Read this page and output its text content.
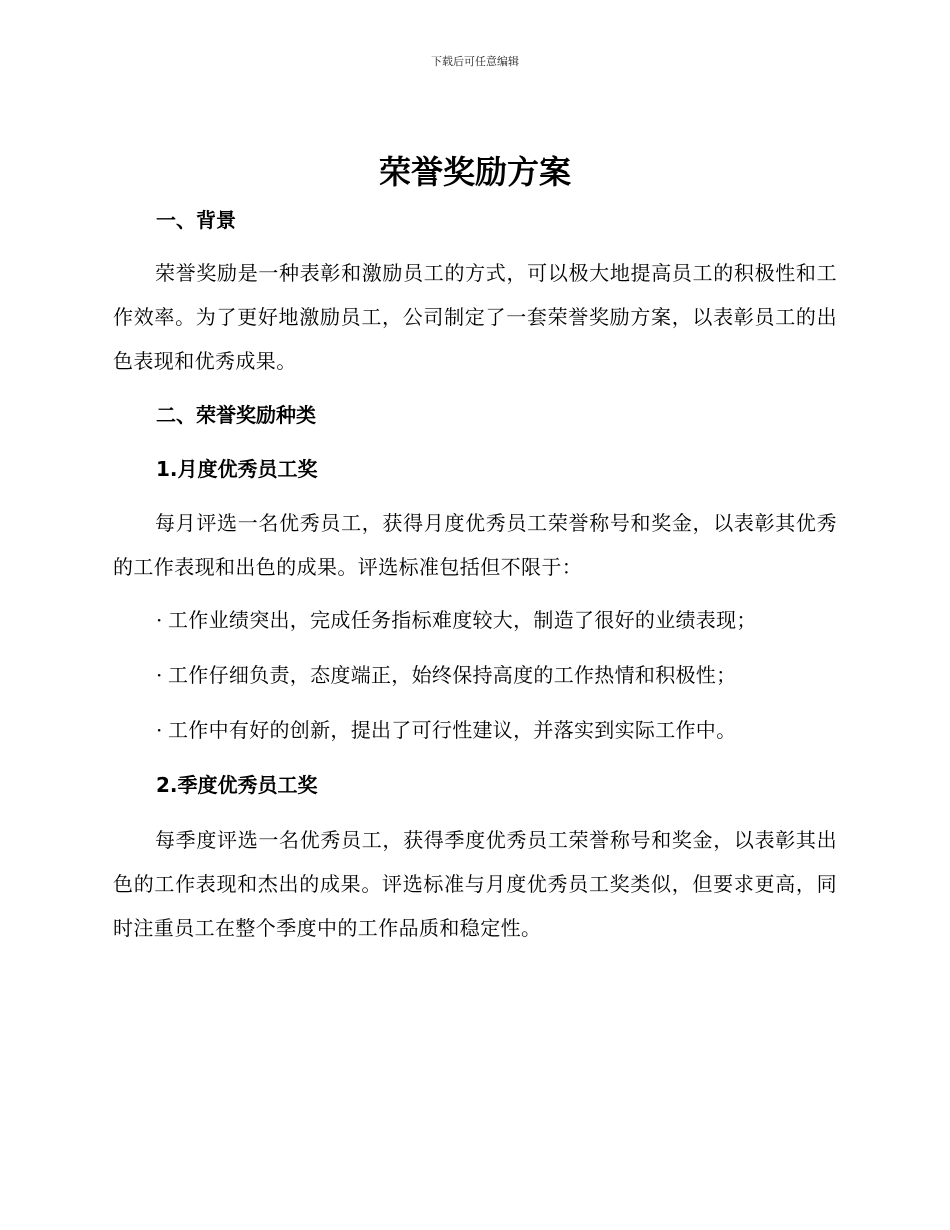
下载后可任意编辑
荣誉奖励方案
一、背景

荣誉奖励是一种表彰和激励员工的方式，可以极大地提高员工的积极性和工作效率。为了更好地激励员工，公司制定了一套荣誉奖励方案，以表彰员工的出色表现和优秀成果。

二、荣誉奖励种类
1.月度优秀员工奖

每月评选一名优秀员工，获得月度优秀员工荣誉称号和奖金，以表彰其优秀的工作表现和出色的成果。评选标准包括但不限于：

· 工作业绩突出，完成任务指标难度较大，制造了很好的业绩表现；
· 工作仔细负责，态度端正，始终保持高度的工作热情和积极性；
· 工作中有好的创新，提出了可行性建议，并落实到实际工作中。
2.季度优秀员工奖

每季度评选一名优秀员工，获得季度优秀员工荣誉称号和奖金，以表彰其出色的工作表现和杰出的成果。评选标准与月度优秀员工奖类似，但要求更高，同时注重员工在整个季度中的工作品质和稳定性。
